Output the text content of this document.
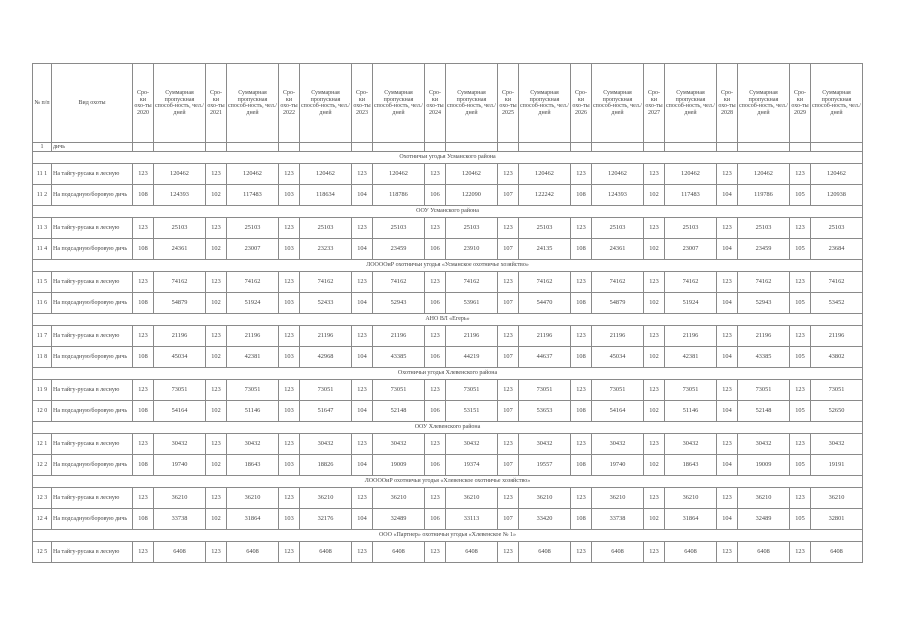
№ п/п	Вид охоты	Сро-ки охо-ты 2020	Суммарная пропускная способ-ность, чел./дней	Сро-ки охо-ты 2021	Суммарная пропускная способ-ность, чел./дней	Сро-ки охо-ты 2022	Суммарная пропускная способ-ность, чел./дней	Сро-ки охо-ты 2023	Суммарная пропускная способ-ность, чел./дней	Сро-ки охо-ты 2024	Суммарная пропускная способ-ность, чел./дней	Сро-ки охо-ты 2025	Суммарная пропускная способ-ность, чел./дней	Сро-ки охо-ты 2026	Суммарная пропускная способ-ность, чел./дней	Сро-ки охо-ты 2027	Суммарная пропускная способ-ность, чел./дней	Сро-ки охо-ты 2028	Суммарная пропускная способ-ность, чел./дней	Сро-ки охо-ты 2029	Суммарная пропускная способ-ность, чел./дней
1	дичь																				
Охотничьи угодья Усманского района																					
11 1	На тайгу-русака в лесную	123	120462	123	120462	123	120462	123	120462	123	120462	123	120462	123	120462	123	120462	123	120462	123	120462
11 2	На подсадную/боровую дичь	108	124393	102	117483	103	118634	104	118786	106	122090	107	122242	108	124393	102	117483	104	119786	105	120938
ООУ Усманского района																					
11 3	На тайгу-русака в лесную	123	25103	123	25103	123	25103	123	25103	123	25103	123	25103	123	25103	123	25103	123	25103	123	25103
11 4	На подсадную/боровую дичь	108	24361	102	23007	103	23233	104	23459	106	23910	107	24135	108	24361	102	23007	104	23459	105	23684
ЛООООиР охотничьи угодья «Усманское охотничье хозяйство»																					
11 5	На тайгу-русака в лесную	123	74162	123	74162	123	74162	123	74162	123	74162	123	74162	123	74162	123	74162	123	74162	123	74162
11 6	На подсадную/боровую дичь	108	54879	102	51924	103	52433	104	52943	106	53961	107	54470	108	54879	102	51924	104	52943	105	53452
АНО ВЛ «Егерь»																					
11 7	На тайгу-русака в лесную	123	21196	123	21196	123	21196	123	21196	123	21196	123	21196	123	21196	123	21196	123	21196	123	21196
11 8	На подсадную/боровую дичь	108	45034	102	42381	103	42968	104	43385	106	44219	107	44637	108	45034	102	42381	104	43385	105	43802
Охотничьи угодья Хлевенского района																					
11 9	На тайгу-русака в лесную	123	73051	123	73051	123	73051	123	73051	123	73051	123	73051	123	73051	123	73051	123	73051	123	73051
12 0	На подсадную/боровую дичь	108	54164	102	51146	103	51647	104	52148	106	53151	107	53653	108	54164	102	51146	104	52148	105	52650
ООУ Хлевенского района																					
12 1	На тайгу-русака в лесную	123	30432	123	30432	123	30432	123	30432	123	30432	123	30432	123	30432	123	30432	123	30432	123	30432
12 2	На подсадную/боровую дичь	108	19740	102	18643	103	18826	104	19009	106	19374	107	19557	108	19740	102	18643	104	19009	105	19191
ЛООООиР охотничьи угодья «Хлевенское охотничье хозяйство»																					
12 3	На тайгу-русака в лесную	123	36210	123	36210	123	36210	123	36210	123	36210	123	36210	123	36210	123	36210	123	36210	123	36210
12 4	На подсадную/боровую дичь	108	33738	102	31864	103	32176	104	32489	106	33113	107	33420	108	33738	102	31864	104	32489	105	32801
ООО «Партнер» охотничьи угодья «Хлевенское № 1»																					
12 5	На тайгу-русака в лесную	123	6408	123	6408	123	6408	123	6408	123	6408	123	6408	123	6408	123	6408	123	6408	123	6408
